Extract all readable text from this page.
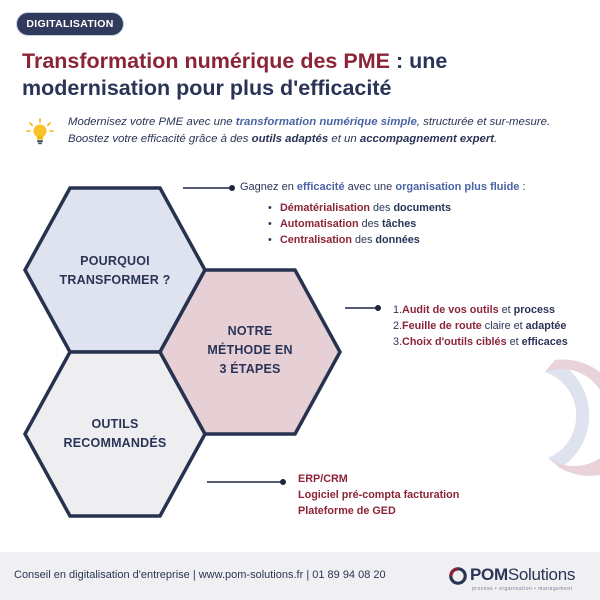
DIGITALISATION
Transformation numérique des PME : une modernisation pour plus d'efficacité
Modernisez votre PME avec une transformation numérique simple, structurée et sur-mesure. Boostez votre efficacité grâce à des outils adaptés et un accompagnement expert.
POURQUOI
TRANSFORMER ?
NOTRE
MÉTHODE EN
3 ÉTAPES
OUTILS
RECOMMANDÉS
Gagnez en efficacité avec une organisation plus fluide :
• Dématérialisation des documents
• Automatisation des tâches
• Centralisation des données
1.Audit de vos outils et process
2.Feuille de route claire et adaptée
3.Choix d'outils ciblés et efficaces
ERP/CRM
Logiciel pré-compta facturation
Plateforme de GED
Conseil en digitalisation d'entreprise | www.pom-solutions.fr | 01 89 94 08 20	POMSolutions
process • organisation • management
